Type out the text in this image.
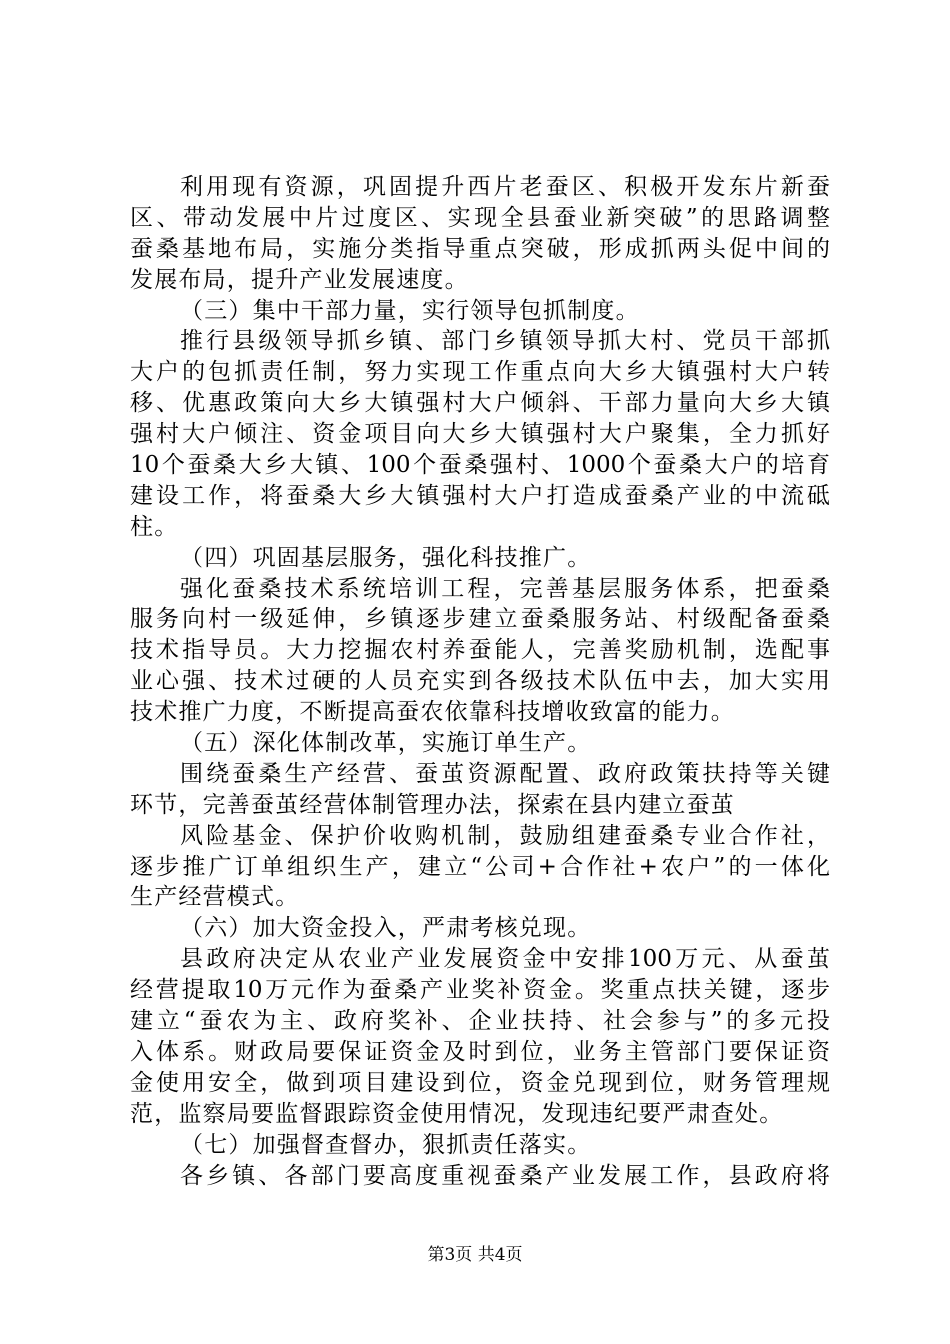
利用现有资源，巩固提升西片老蚕区、积极开发东片新蚕
区、带动发展中片过度区、实现全县蚕业新突破”的思路调整
蚕桑基地布局，实施分类指导重点突破，形成抓两头促中间的
发展布局，提升产业发展速度。
（三）集中干部力量，实行领导包抓制度。
推行县级领导抓乡镇、部门乡镇领导抓大村、党员干部抓
大户的包抓责任制，努力实现工作重点向大乡大镇强村大户转
移、优惠政策向大乡大镇强村大户倾斜、干部力量向大乡大镇
强村大户倾注、资金项目向大乡大镇强村大户聚集，全力抓好
10个蚕桑大乡大镇、100个蚕桑强村、1000个蚕桑大户的培育
建设工作，将蚕桑大乡大镇强村大户打造成蚕桑产业的中流砥
柱。
（四）巩固基层服务，强化科技推广。
强化蚕桑技术系统培训工程，完善基层服务体系，把蚕桑
服务向村一级延伸，乡镇逐步建立蚕桑服务站、村级配备蚕桑
技术指导员。大力挖掘农村养蚕能人，完善奖励机制，选配事
业心强、技术过硬的人员充实到各级技术队伍中去，加大实用
技术推广力度，不断提高蚕农依靠科技增收致富的能力。
（五）深化体制改革，实施订单生产。
围绕蚕桑生产经营、蚕茧资源配置、政府政策扶持等关键
环节，完善蚕茧经营体制管理办法，探索在县内建立蚕茧
风险基金、保护价收购机制，鼓励组建蚕桑专业合作社，
逐步推广订单组织生产，建立“公司+合作社+农户”的一体化
生产经营模式。
（六）加大资金投入，严肃考核兑现。
县政府决定从农业产业发展资金中安排100万元、从蚕茧
经营提取10万元作为蚕桑产业奖补资金。奖重点扶关键，逐步
建立“蚕农为主、政府奖补、企业扶持、社会参与”的多元投
入体系。财政局要保证资金及时到位，业务主管部门要保证资
金使用安全，做到项目建设到位，资金兑现到位，财务管理规
范，监察局要监督跟踪资金使用情况，发现违纪要严肃查处。
（七）加强督查督办，狠抓责任落实。
各乡镇、各部门要高度重视蚕桑产业发展工作，县政府将
第3页 共4页
